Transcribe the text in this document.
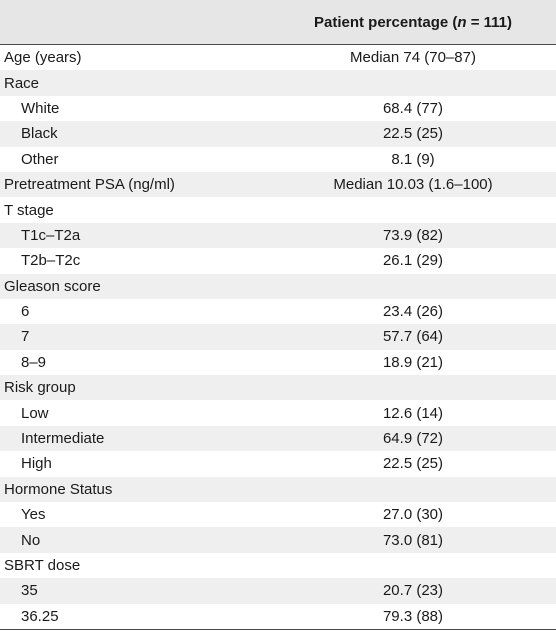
Patient percentage (n = 111)
Age (years)	Median 74 (70–87)
Race
White	68.4 (77)
Black	22.5 (25)
Other	8.1 (9)
Pretreatment PSA (ng/ml)	Median 10.03 (1.6–100)
T stage
T1c–T2a	73.9 (82)
T2b–T2c	26.1 (29)
Gleason score
6	23.4 (26)
7	57.7 (64)
8–9	18.9 (21)
Risk group
Low	12.6 (14)
Intermediate	64.9 (72)
High	22.5 (25)
Hormone Status
Yes	27.0 (30)
No	73.0 (81)
SBRT dose
35	20.7 (23)
36.25	79.3 (88)
